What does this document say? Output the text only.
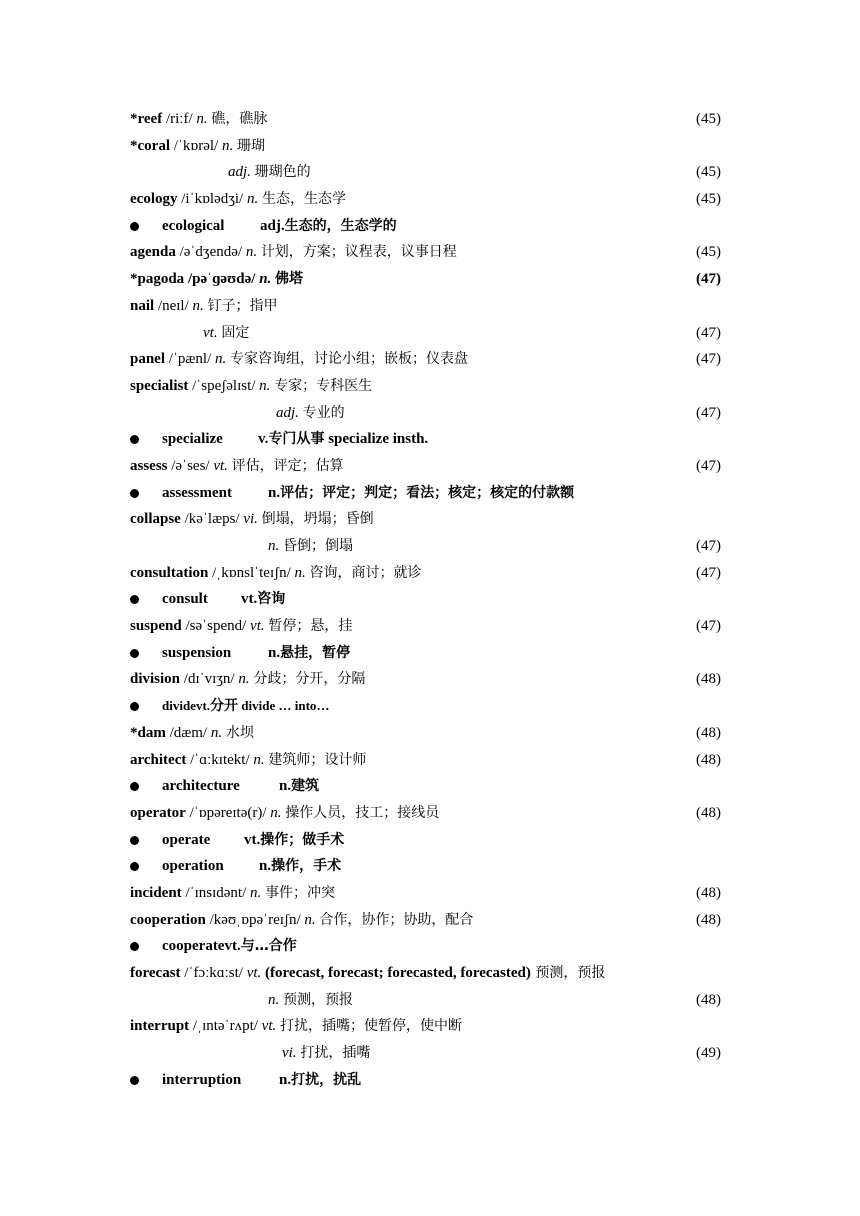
*reef /riːf/ n. 礁，礁脉	(45)
*coral /ˈkɒrəl/ n. 珊瑚
adj. 珊瑚色的	(45)
ecology /iˈkɒlədʒi/ n. 生态，生态学	(45)
ecological adj.生态的，生态学的
agenda /əˈdʒendə/ n. 计划，方案；议程表，议事日程	(45)
*pagoda /pəˈɡəʊdə/ n. 佛塔	(47)
nail /neɪl/ n. 钉子；指甲
vt. 固定	(47)
panel /ˈpænl/ n. 专家咨询组，讨论小组；嵌板；仪表盘	(47)
specialist /ˈspeʃəlɪst/ n. 专家；专科医生
adj. 专业的	(47)
specialize v.专门从事 specialize insth.
assess /əˈses/ vt. 评估，评定；估算	(47)
assessment n.评估；评定；判定；看法；核定；核定的付款额
collapse /kəˈlæps/ vi. 倒塌，坍塌；昏倒
n. 昏倒；倒塌	(47)
consultation /ˌkɒnslˈteɪʃn/ n. 咨询，商讨；就诊	(47)
consult vt.咨询
suspend /səˈspend/ vt. 暂停；悬，挂	(47)
suspension n.悬挂，暂停
division /dɪˈvɪʒn/ n. 分歧；分开，分隔	(48)
dividevt.分开 divide … into…
*dam /dæm/ n. 水坝	(48)
architect /ˈɑːkɪtekt/ n. 建筑师；设计师	(48)
architecture	n.建筑
operator /ˈɒpəreɪtə(r)/ n. 操作人员，技工；接线员	(48)
operate vt.操作；做手术
operation n.操作，手术
incident /ˈɪnsɪdənt/ n. 事件；冲突	(48)
cooperation /kəʊˌɒpəˈreɪʃn/ n. 合作，协作；协助，配合	(48)
cooperatevt.与…合作
forecast /ˈfɔːkɑːst/ vt. (forecast, forecast; forecasted, forecasted) 预测，预报
n. 预测，预报	(48)
interrupt /ˌɪntəˈrʌpt/ vt. 打扰，插嘴；使暂停，使中断
vi. 打扰，插嘴	(49)
interruption	n.打扰，扰乱
